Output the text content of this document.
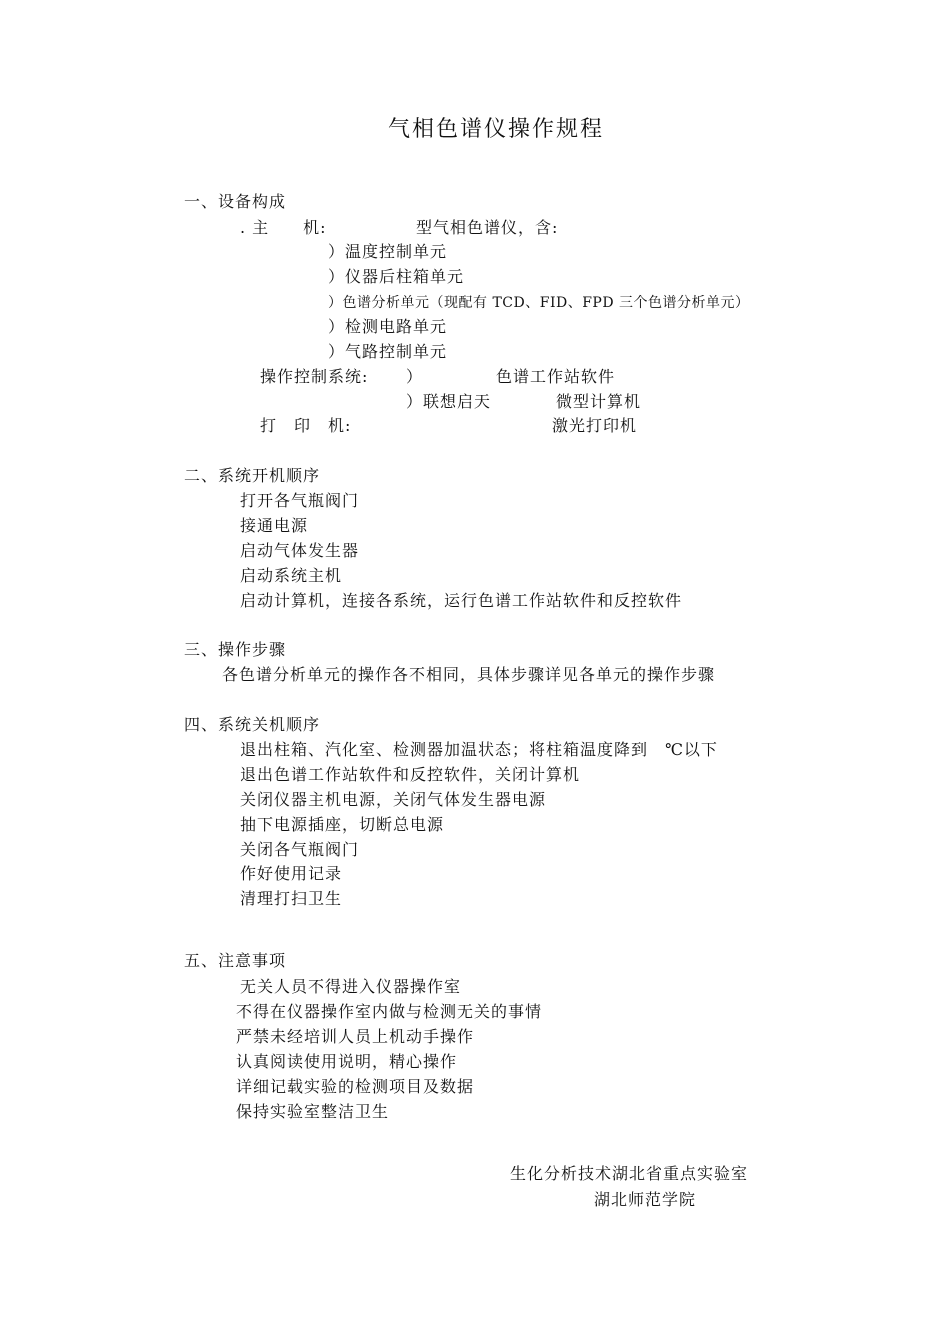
气相色谱仪操作规程
一、设备构成
. 主　　机:	型气相色谱仪，含:
）温度控制单元
）仪器后柱箱单元
）色谱分析单元（现配有 TCD、FID、FPD 三个色谱分析单元）
）检测电路单元
）气路控制单元
操作控制系统: ）	色谱工作站软件
）联想启天	微型计算机
打　印　机:	激光打印机
二、系统开机顺序
打开各气瓶阀门
接通电源
启动气体发生器
启动系统主机
启动计算机，连接各系统，运行色谱工作站软件和反控软件
三、操作步骤
各色谱分析单元的操作各不相同，具体步骤详见各单元的操作步骤
四、系统关机顺序
退出柱箱、汽化室、检测器加温状态；将柱箱温度降到　℃以下
退出色谱工作站软件和反控软件，关闭计算机
关闭仪器主机电源，关闭气体发生器电源
抽下电源插座，切断总电源
关闭各气瓶阀门
作好使用记录
清理打扫卫生
五、注意事项
无关人员不得进入仪器操作室
不得在仪器操作室内做与检测无关的事情
严禁未经培训人员上机动手操作
认真阅读使用说明，精心操作
详细记载实验的检测项目及数据
保持实验室整洁卫生
生化分析技术湖北省重点实验室
湖北师范学院
